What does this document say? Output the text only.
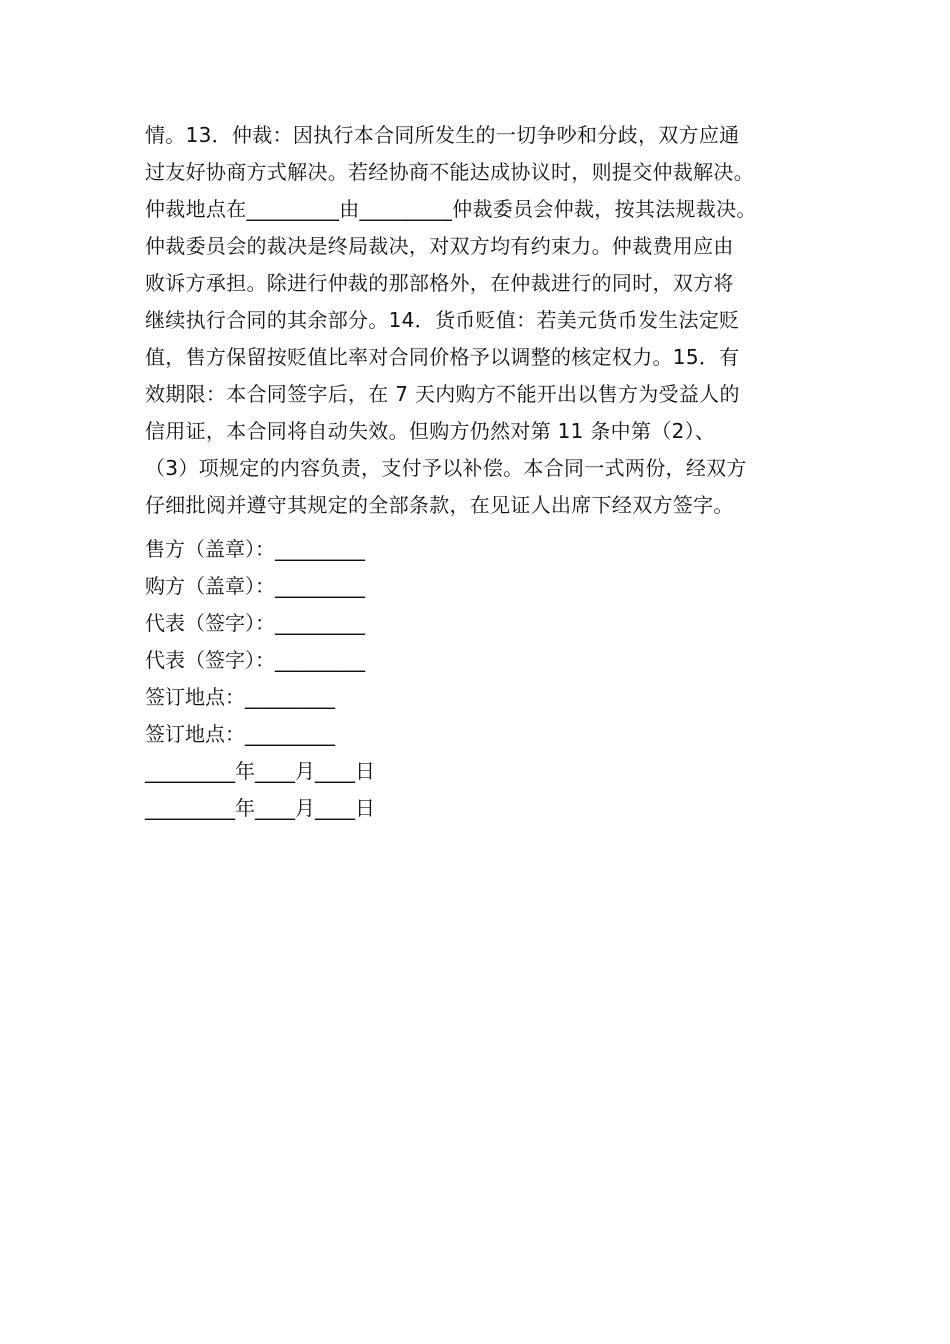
情。13．仲裁：因执行本合同所发生的一切争吵和分歧，双方应通
过友好协商方式解决。若经协商不能达成协议时，则提交仲裁解决。
仲裁地点在_________由_________仲裁委员会仲裁，按其法规裁决。
仲裁委员会的裁决是终局裁决，对双方均有约束力。仲裁费用应由
败诉方承担。除进行仲裁的那部格外，在仲裁进行的同时，双方将
继续执行合同的其余部分。14．货币贬值：若美元货币发生法定贬
值，售方保留按贬值比率对合同价格予以调整的核定权力。15．有
效期限：本合同签字后，在 7 天内购方不能开出以售方为受益人的
信用证，本合同将自动失效。但购方仍然对第 11 条中第（2）、
（3）项规定的内容负责，支付予以补偿。本合同一式两份，经双方
仔细批阅并遵守其规定的全部条款，在见证人出席下经双方签字。
售方（盖章）：_________
购方（盖章）：_________
代表（签字）：_________
代表（签字）：_________
签订地点：_________
签订地点：_________
_________年____月____日
_________年____月____日
